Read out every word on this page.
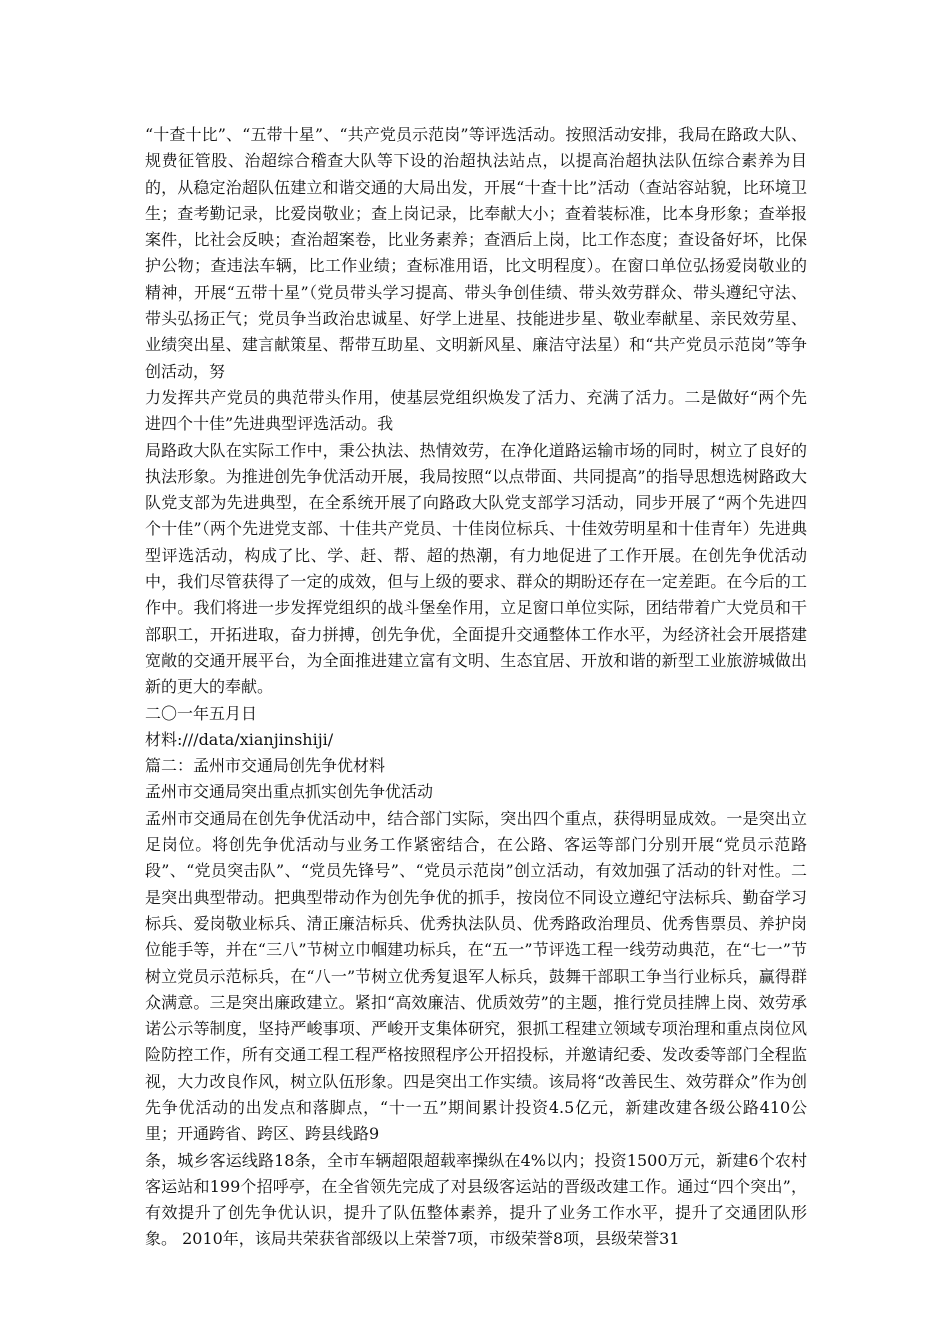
“十查十比”、“五带十星”、“共产党员示范岗”等评选活动。按照活动安排，我局在路政大队、规费征管股、治超综合稽查大队等下设的治超执法站点，以提高治超执法队伍综合素养为目的，从稳定治超队伍建立和谐交通的大局出发，开展“十查十比”活动（查站容站貌，比环境卫生；查考勤记录，比爱岗敬业；查上岗记录，比奉献大小；查着装标准，比本身形象；查举报案件，比社会反映；查治超案卷，比业务素养；查酒后上岗，比工作态度；查设备好坏，比保护公物；查违法车辆，比工作业绩；查标准用语，比文明程度）。在窗口单位弘扬爱岗敬业的精神，开展“五带十星”（党员带头学习提高、带头争创佳绩、带头效劳群众、带头遵纪守法、带头弘扬正气；党员争当政治忠诚星、好学上进星、技能进步星、敬业奉献星、亲民效劳星、业绩突出星、建言献策星、帮带互助星、文明新风星、廉洁守法星）和“共产党员示范岗”等争创活动，努

力发挥共产党员的典范带头作用，使基层党组织焕发了活力、充满了活力。二是做好“两个先进四个十佳”先进典型评选活动。我

局路政大队在实际工作中，秉公执法、热情效劳，在净化道路运输市场的同时，树立了良好的执法形象。为推进创先争优活动开展，我局按照“以点带面、共同提高”的指导思想选树路政大队党支部为先进典型，在全系统开展了向路政大队党支部学习活动，同步开展了“两个先进四个十佳”（两个先进党支部、十佳共产党员、十佳岗位标兵、十佳效劳明星和十佳青年）先进典型评选活动，构成了比、学、赶、帮、超的热潮，有力地促进了工作开展。在创先争优活动中，我们尽管获得了一定的成效，但与上级的要求、群众的期盼还存在一定差距。在今后的工作中。我们将进一步发挥党组织的战斗堡垒作用，立足窗口单位实际，团结带着广大党员和干部职工，开拓进取，奋力拼搏，创先争优，全面提升交通整体工作水平，为经济社会开展搭建宽敞的交通开展平台，为全面推进建立富有文明、生态宜居、开放和谐的新型工业旅游城做出新的更大的奉献。

二〇一年五月日

材料:///data/xianjinshiji/

篇二：孟州市交通局创先争优材料

孟州市交通局突出重点抓实创先争优活动

孟州市交通局在创先争优活动中，结合部门实际，突出四个重点，获得明显成效。一是突出立足岗位。将创先争优活动与业务工作紧密结合，在公路、客运等部门分别开展“党员示范路段”、“党员突击队”、“党员先锋号”、“党员示范岗”创立活动，有效加强了活动的针对性。二是突出典型带动。把典型带动作为创先争优的抓手，按岗位不同设立遵纪守法标兵、勤奋学习标兵、爱岗敬业标兵、清正廉洁标兵、优秀执法队员、优秀路政治理员、优秀售票员、养护岗位能手等，并在“三八”节树立巾帼建功标兵，在“五一”节评选工程一线劳动典范，在“七一”节树立党员示范标兵，在“八一”节树立优秀复退军人标兵，鼓舞干部职工争当行业标兵，赢得群众满意。三是突出廉政建立。紧扣“高效廉洁、优质效劳”的主题，推行党员挂牌上岗、效劳承诺公示等制度，坚持严峻事项、严峻开支集体研究，狠抓工程建立领域专项治理和重点岗位风险防控工作，所有交通工程工程严格按照程序公开招投标，并邀请纪委、发改委等部门全程监视，大力改良作风，树立队伍形象。四是突出工作实绩。该局将“改善民生、效劳群众”作为创先争优活动的出发点和落脚点，“十一五”期间累计投资4.5亿元，新建改建各级公路410公里；开通跨省、跨区、跨县线路9

条，城乡客运线路18条，全市车辆超限超载率操纵在4%以内；投资1500万元，新建6个农村客运站和199个招呼亭，在全省领先完成了对县级客运站的晋级改建工作。通过“四个突出”，有效提升了创先争优认识，提升了队伍整体素养，提升了业务工作水平，提升了交通团队形象。 2010年，该局共荣获省部级以上荣誉7项，市级荣誉8项，县级荣誉31
